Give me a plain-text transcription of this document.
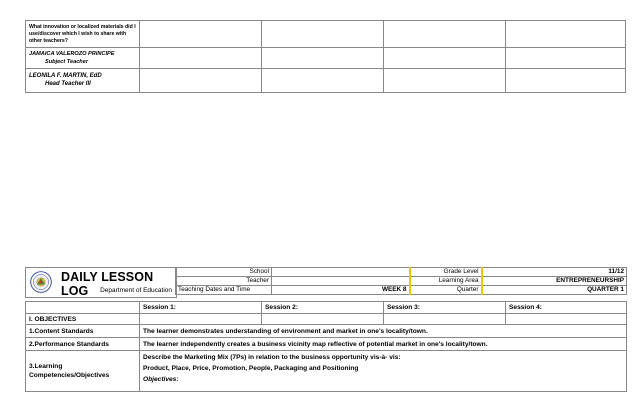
What innovation or localized materials did I use/discover which I wish to share with other teachers?				
JAMAICA VALEROZO PRINCIPE
Subject Teacher				

LEONILA F. MARTIN, EdD
Head Teacher III				

DAILY LESSON LOG	Department of Education
School		Grade Level	11/12
Teacher		Learning Area	ENTREPRENEURSHIP
Teaching Dates and Time	WEEK 8	Quarter	QUARTER 1
	Session 1:	Session 2:	Session 3:	Session 4:
I. OBJECTIVES				
1.Content Standards	The learner demonstrates understanding of environment and market in one's locality/town.			
2.Performance Standards	The learner independently creates a business vicinity map reflective of potential market in one's locality/town.			
3.Learning Competencies/Objectives	Describe the Marketing Mix (7Ps) in relation to the business opportunity vis-à- vis:
Product, Place, Price, Promotion, People, Packaging and Positioning
Objectives:			
